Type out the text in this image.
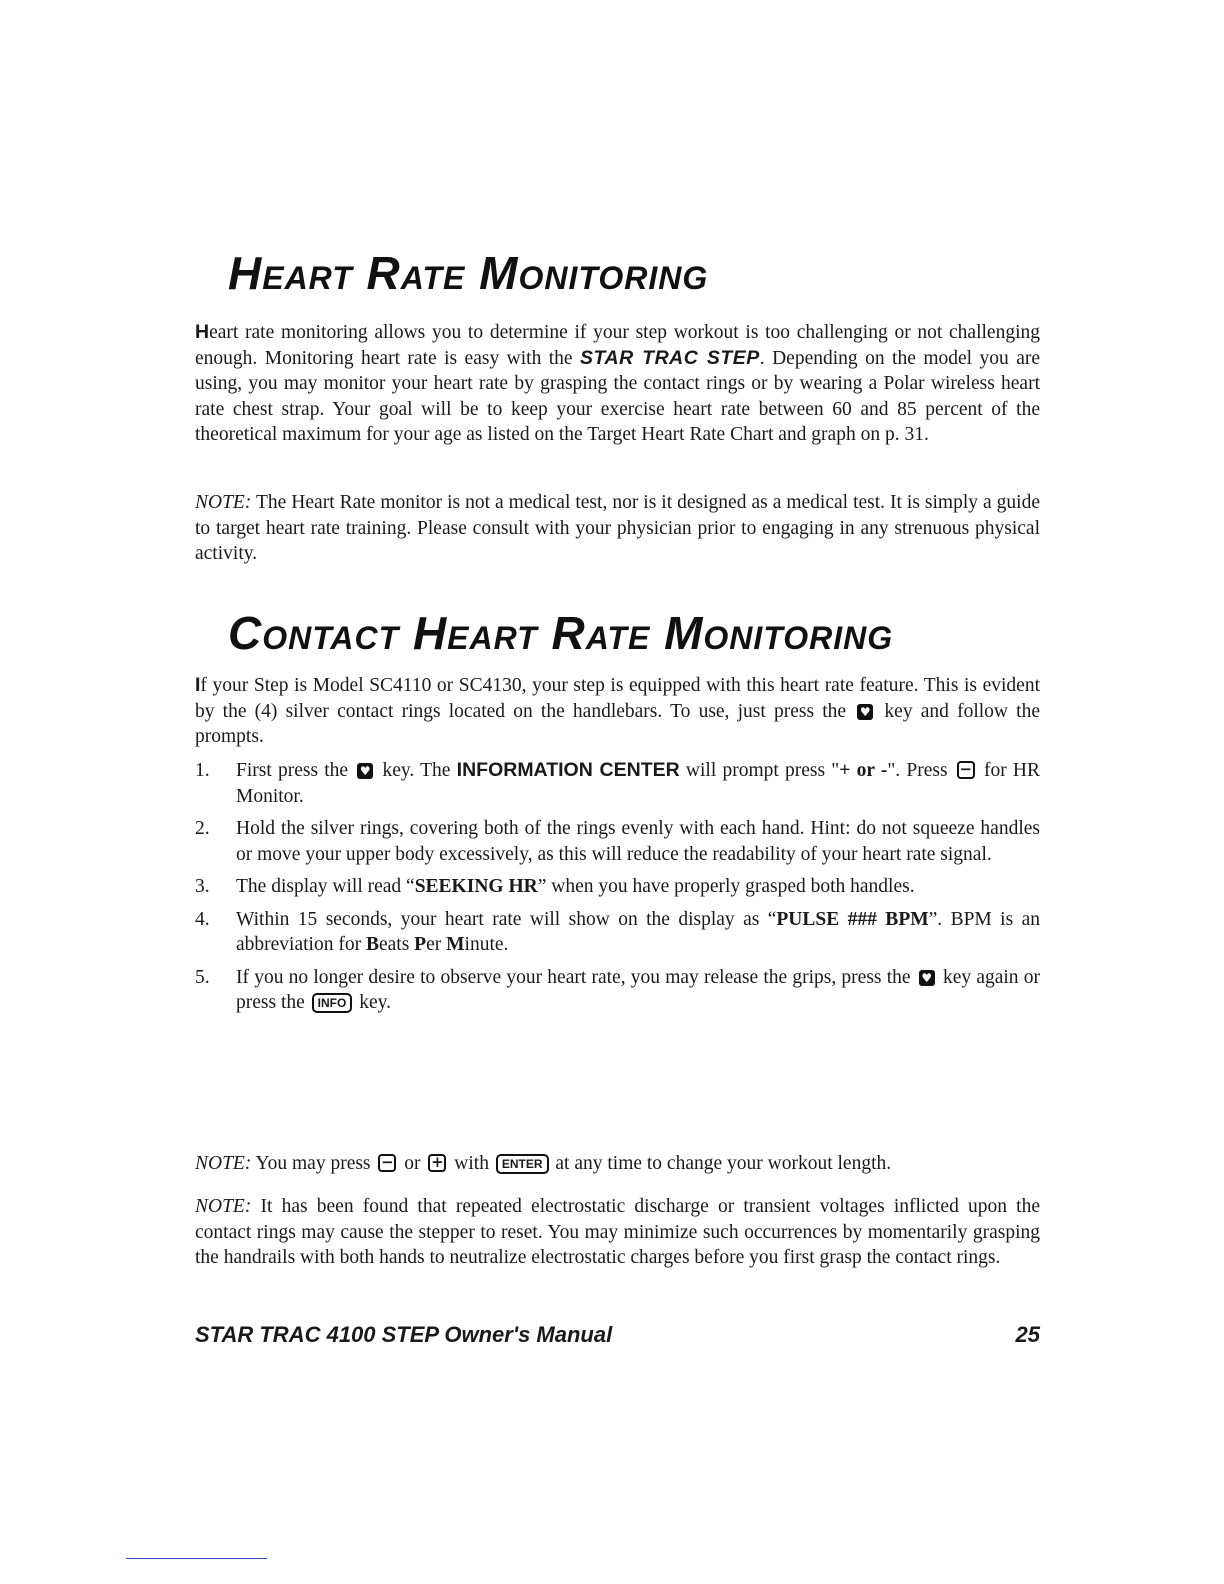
Heart Rate Monitoring

Heart rate monitoring allows you to determine if your step workout is too challenging or not challenging enough. Monitoring heart rate is easy with the STAR TRAC STEP. Depending on the model you are using, you may monitor your heart rate by grasping the contact rings or by wearing a Polar wireless heart rate chest strap. Your goal will be to keep your exercise heart rate between 60 and 85 percent of the theoretical maximum for your age as listed on the Target Heart Rate Chart and graph on p. 31.

NOTE: The Heart Rate monitor is not a medical test, nor is it designed as a medical test. It is simply a guide to target heart rate training. Please consult with your physician prior to engaging in any strenuous physical activity.

Contact Heart Rate Monitoring

If your Step is Model SC4110 or SC4130, your step is equipped with this heart rate feature. This is evident by the (4) silver contact rings located on the handlebars. To use, just press the ♥ key and follow the prompts.

1. First press the ♥ key. The INFORMATION CENTER will prompt press "+ or -". Press − for HR Monitor.
2. Hold the silver rings, covering both of the rings evenly with each hand. Hint: do not squeeze handles or move your upper body excessively, as this will reduce the readability of your heart rate signal.
3. The display will read “SEEKING HR” when you have properly grasped both handles.
4. Within 15 seconds, your heart rate will show on the display as “PULSE ### BPM”. BPM is an abbreviation for Beats Per Minute.
5. If you no longer desire to observe your heart rate, you may release the grips, press the ♥ key again or press the INFO key.

NOTE: You may press − or + with ENTER at any time to change your workout length.

NOTE: It has been found that repeated electrostatic discharge or transient voltages inflicted upon the contact rings may cause the stepper to reset. You may minimize such occurrences by momentarily grasping the handrails with both hands to neutralize electrostatic charges before you first grasp the contact rings.

STAR TRAC 4100 STEP Owner's Manual	25
